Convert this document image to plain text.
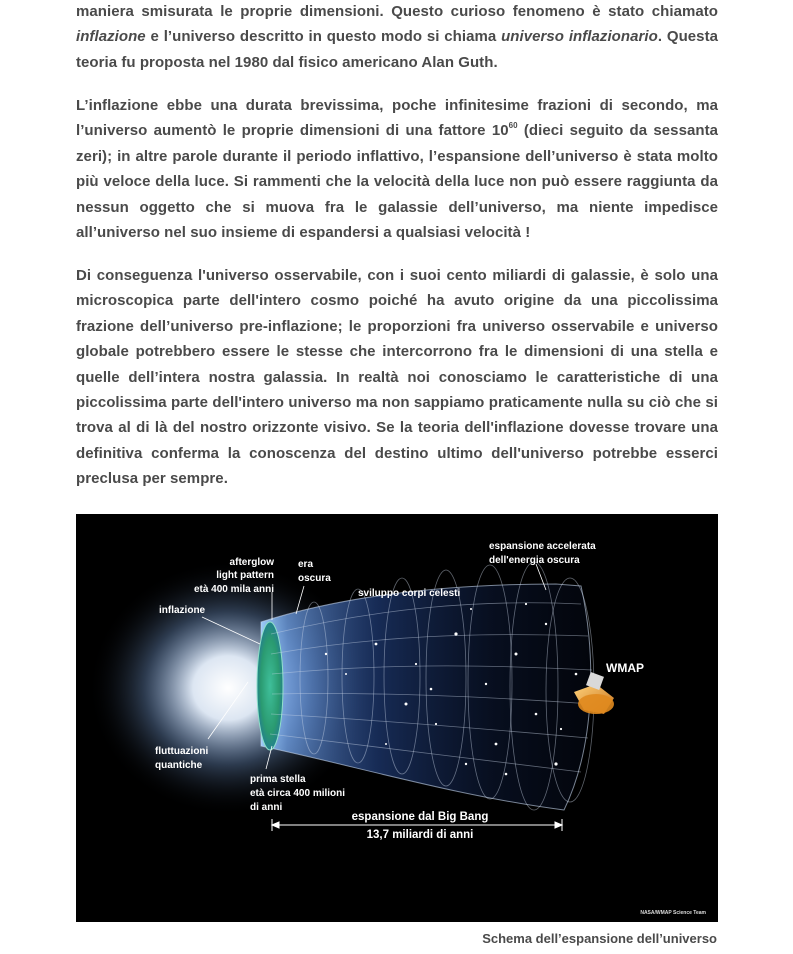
maniera smisurata le proprie dimensioni. Questo curioso fenomeno è stato chiamato inflazione e l’universo descritto in questo modo si chiama universo inflazionario. Questa teoria fu proposta nel 1980 dal fisico americano Alan Guth.

L’inflazione ebbe una durata brevissima, poche infinitesime frazioni di secondo, ma l’universo aumentò le proprie dimensioni di una fattore $10^{60}$ (dieci seguito da sessanta zeri); in altre parole durante il periodo inflattivo, l’espansione dell’universo è stata molto più veloce della luce. Si rammenti che la velocità della luce non può essere raggiunta da nessun oggetto che si muova fra le galassie dell’universo, ma niente impedisce all’universo nel suo insieme di espandersi a qualsiasi velocità !

Di conseguenza l'universo osservabile, con i suoi cento miliardi di galassie, è solo una microscopica parte dell'intero cosmo poiché ha avuto origine da una piccolissima frazione dell’universo pre-inflazione; le proporzioni fra universo osservabile e universo globale potrebbero essere le stesse che intercorrono fra le dimensioni di una stella e quelle dell’intera nostra galassia. In realtà noi conosciamo le caratteristiche di una piccolissima parte dell'intero universo ma non sappiamo praticamente nulla su ciò che si trova al di là del nostro orizzonte visivo. Se la teoria dell'inflazione dovesse trovare una definitiva conferma la conoscenza del destino ultimo dell'universo potrebbe esserci preclusa per sempre.

afterglow
light pattern
età 400 mila anni
era
oscura
sviluppo corpi celesti
espansione accelerata
dell'energia oscura
inflazione
WMAP
fluttuazioni
quantiche
prima stella
età circa 400 milioni
di anni
espansione dal Big Bang
13,7 miliardi di anni
NASA/WMAP Science Team
Schema dell’espansione dell’universo
